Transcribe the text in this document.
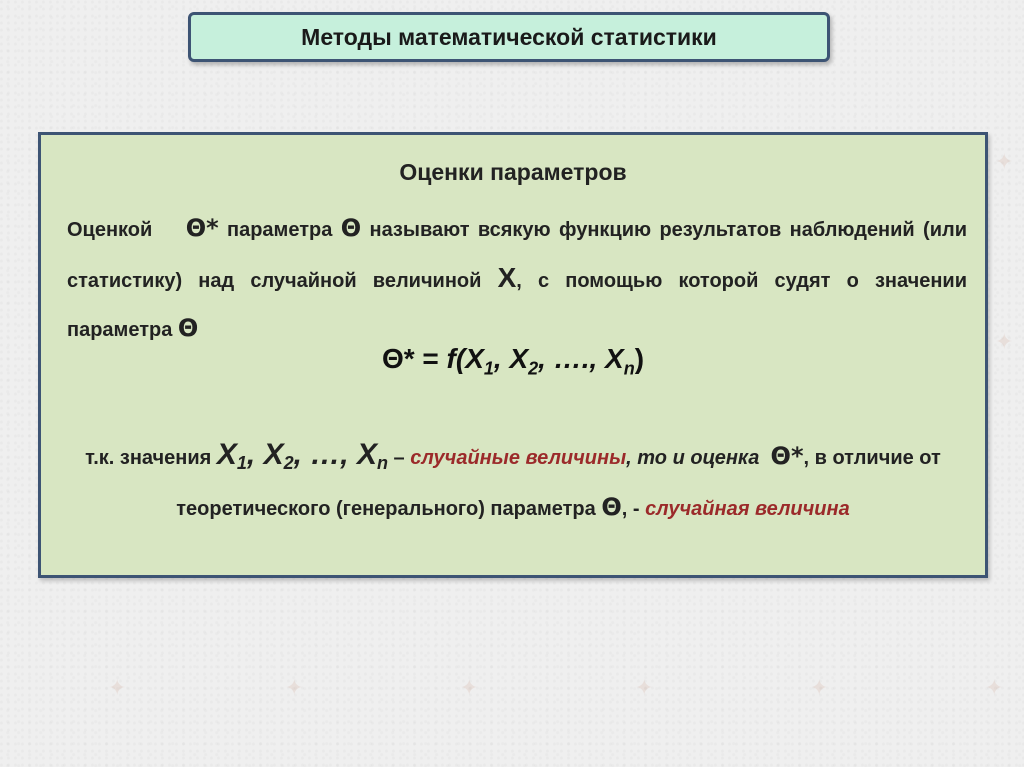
Методы математической статистики
Оценки параметров
Оценкой Θ* параметра Θ называют всякую функцию результатов наблюдений (или статистику) над случайной величиной X, с помощью которой судят о значении параметра Θ
$\Theta* = f(X_1$, $X_2$, …., $X_n$)
т.к. значения $X_1$, $X_2$, …, $X_n$ – случайные величины, то и оценка Θ*, в отличие от теоретического (генерального) параметра Θ, - случайная величина
✦	✦	✦	✦	✦	✦
✦
✦
